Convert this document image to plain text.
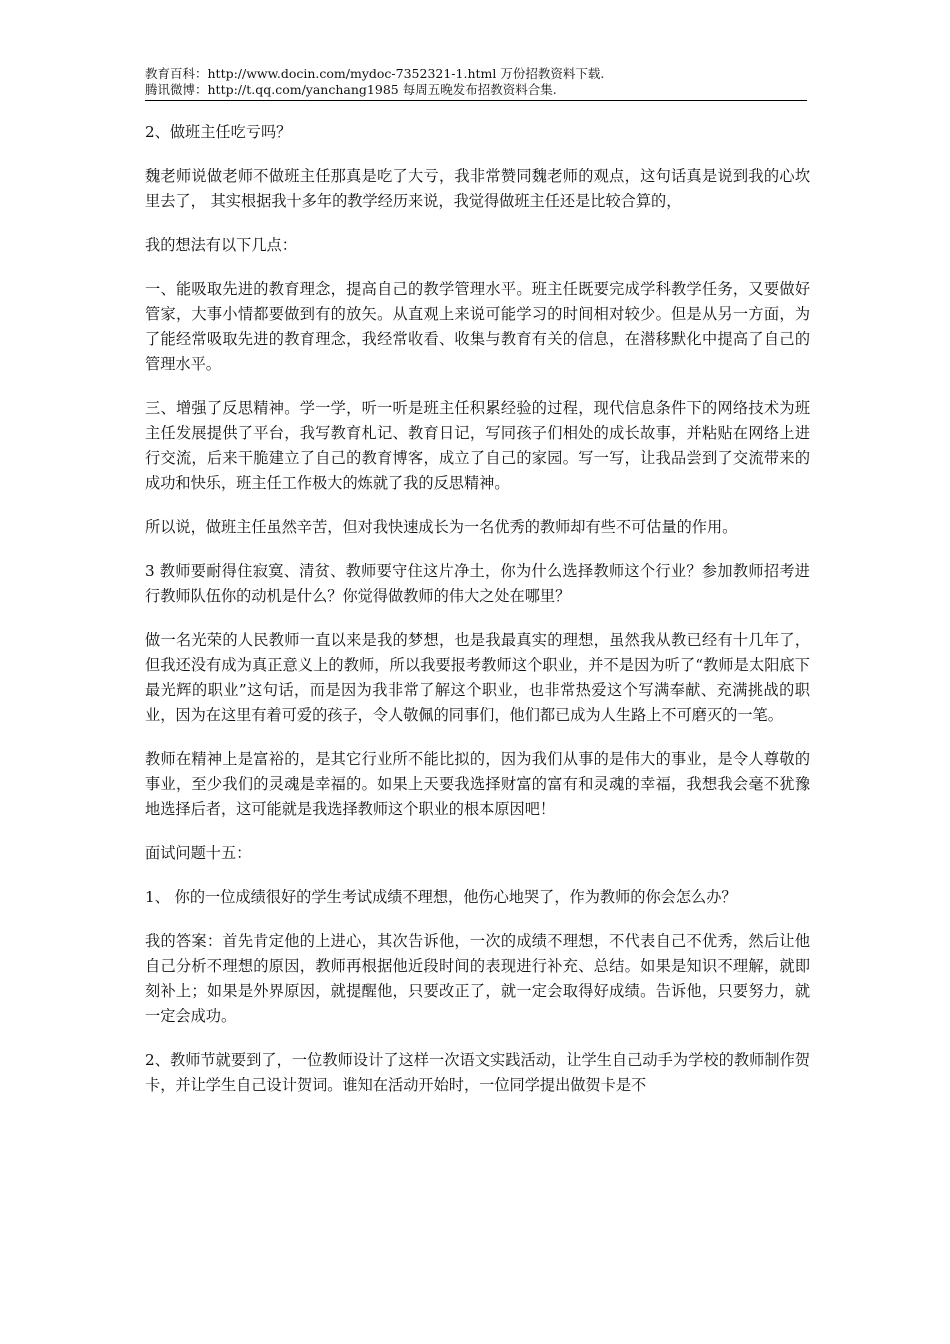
教育百科：http://www.docin.com/mydoc-7352321-1.html 万份招教资料下载.
腾讯微博：http://t.qq.com/yanchang1985 每周五晚发布招教资料合集.

2、做班主任吃亏吗？

魏老师说做老师不做班主任那真是吃了大亏，我非常赞同魏老师的观点，这句话真是说到我的心坎里去了， 其实根据我十多年的教学经历来说，我觉得做班主任还是比较合算的，

我的想法有以下几点：

一、能吸取先进的教育理念，提高自己的教学管理水平。班主任既要完成学科教学任务，又要做好管家，大事小情都要做到有的放矢。从直观上来说可能学习的时间相对较少。但是从另一方面，为了能经常吸取先进的教育理念，我经常收看、收集与教育有关的信息，在潜移默化中提高了自己的管理水平。

三、增强了反思精神。学一学，听一听是班主任积累经验的过程，现代信息条件下的网络技术为班主任发展提供了平台，我写教育札记、教育日记，写同孩子们相处的成长故事，并粘贴在网络上进行交流，后来干脆建立了自己的教育博客，成立了自己的家园。写一写，让我品尝到了交流带来的成功和快乐，班主任工作极大的炼就了我的反思精神。

所以说，做班主任虽然辛苦，但对我快速成长为一名优秀的教师却有些不可估量的作用。

3 教师要耐得住寂寞、清贫、教师要守住这片净土，你为什么选择教师这个行业？参加教师招考进行教师队伍你的动机是什么？你觉得做教师的伟大之处在哪里？

做一名光荣的人民教师一直以来是我的梦想，也是我最真实的理想，虽然我从教已经有十几年了，但我还没有成为真正意义上的教师，所以我要报考教师这个职业，并不是因为听了“教师是太阳底下最光辉的职业”这句话，而是因为我非常了解这个职业，也非常热爱这个写满奉献、充满挑战的职业，因为在这里有着可爱的孩子，令人敬佩的同事们，他们都已成为人生路上不可磨灭的一笔。

教师在精神上是富裕的，是其它行业所不能比拟的，因为我们从事的是伟大的事业，是令人尊敬的事业，至少我们的灵魂是幸福的。如果上天要我选择财富的富有和灵魂的幸福，我想我会毫不犹豫地选择后者，这可能就是我选择教师这个职业的根本原因吧！

面试问题十五：

1、 你的一位成绩很好的学生考试成绩不理想，他伤心地哭了，作为教师的你会怎么办？

我的答案：首先肯定他的上进心，其次告诉他，一次的成绩不理想，不代表自己不优秀，然后让他自己分析不理想的原因，教师再根据他近段时间的表现进行补充、总结。如果是知识不理解，就即刻补上；如果是外界原因，就提醒他，只要改正了，就一定会取得好成绩。告诉他，只要努力，就一定会成功。

2、教师节就要到了，一位教师设计了这样一次语文实践活动，让学生自己动手为学校的教师制作贺卡，并让学生自己设计贺词。谁知在活动开始时，一位同学提出做贺卡是不
